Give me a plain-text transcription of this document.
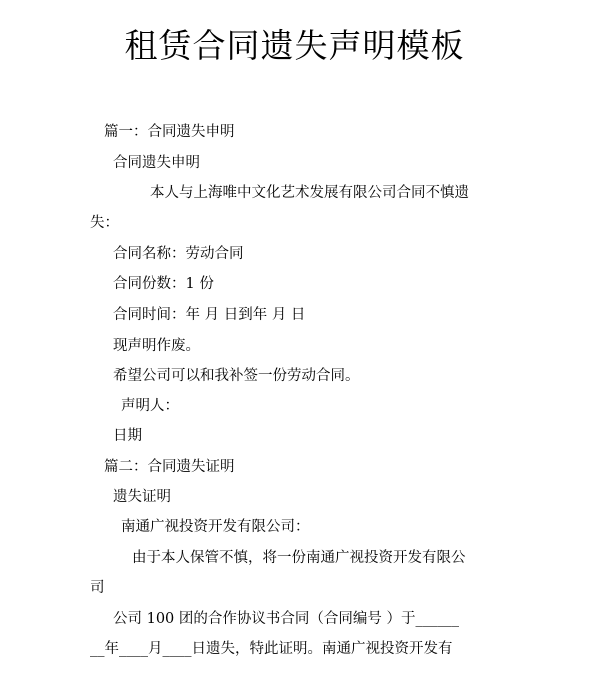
租赁合同遗失声明模板

篇一：合同遗失申明

合同遗失申明

本人与上海唯中文化艺术发展有限公司合同不慎遗

失：

合同名称：劳动合同

合同份数：1 份

合同时间：年 月 日到年 月 日

现声明作废。

希望公司可以和我补签一份劳动合同。

声明人：

日期

篇二：合同遗失证明

遗失证明

南通广视投资开发有限公司：

由于本人保管不慎，将一份南通广视投资开发有限公

司

公司 100 团的合作协议书合同（合同编号 ）于______

__年____月____日遗失，特此证明。南通广视投资开发有
